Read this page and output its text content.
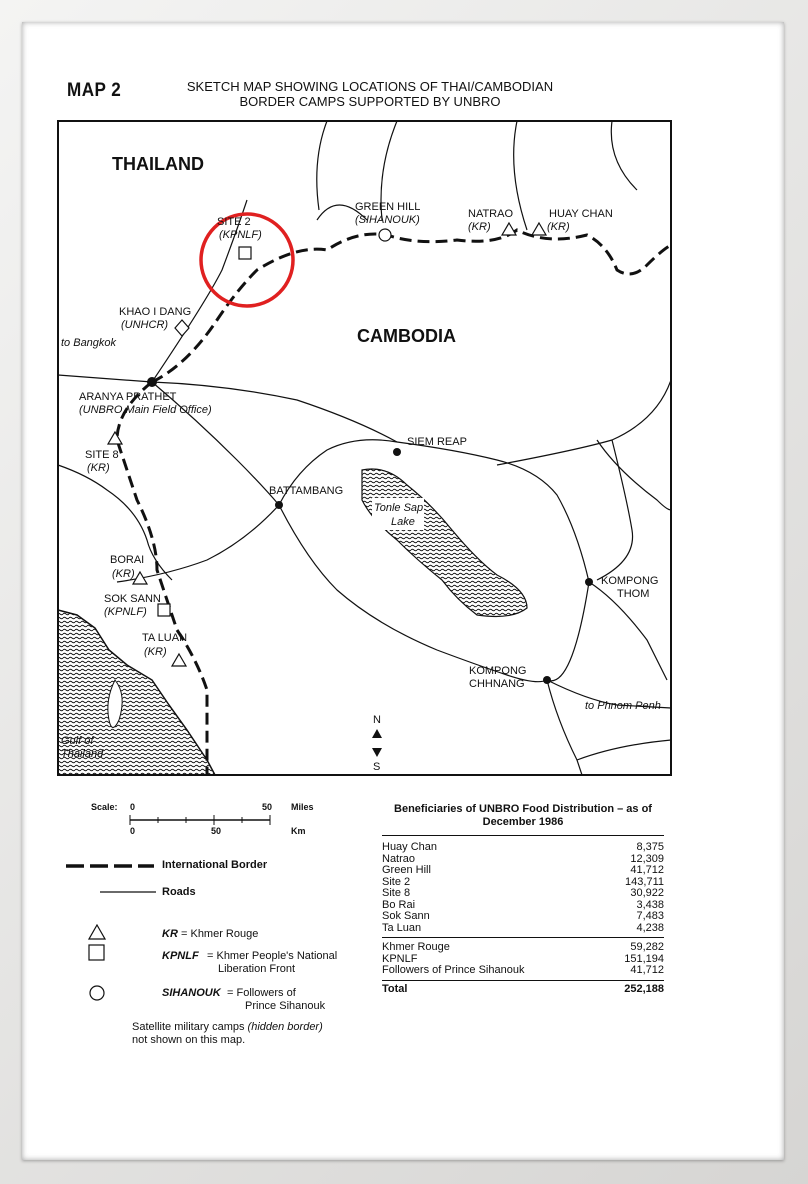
MAP 2	SKETCH MAP SHOWING LOCATIONS OF THAI/CAMBODIAN
BORDER CAMPS SUPPORTED BY UNBRO
THAILAND
CAMBODIA
SITE 2
(KPNLF)
GREEN HILL
(SIHANOUK)	NATRAO
(KR)
HUAY CHAN
(KR)
KHAO I DANG
(UNHCR)
to Bangkok
ARANYA PRATHET
(UNBRO Main Field Office)
SITE 8
(KR)
SIEM REAP
BATTAMBANG
Tonle Sap
Lake
BORAI
(KR)
SOK SANN
(KPNLF)
TA LUAN
(KR)
KOMPONG
THOM
KOMPONG
CHHNANG
to Phnom Penh
Gulf of
Thailand
N
S
Scale: 0	50 Miles
0	50	Km
International Border
Roads
KR = Khmer Rouge
KPNLF = Khmer People's National
Liberation Front
SIHANOUK = Followers of
Prince Sihanouk
Satellite military camps (hidden border)
not shown on this map.
Beneficiaries of UNBRO Food Distribution – as of
December 1986
Huay Chan	8,375
Natrao	12,309
Green Hill	41,712
Site 2	143,711
Site 8	30,922
Bo Rai	3,438
Sok Sann	7,483
Ta Luan	4,238
Khmer Rouge	59,282
KPNLF	151,194
Followers of Prince Sihanouk	41,712
Total	252,188
